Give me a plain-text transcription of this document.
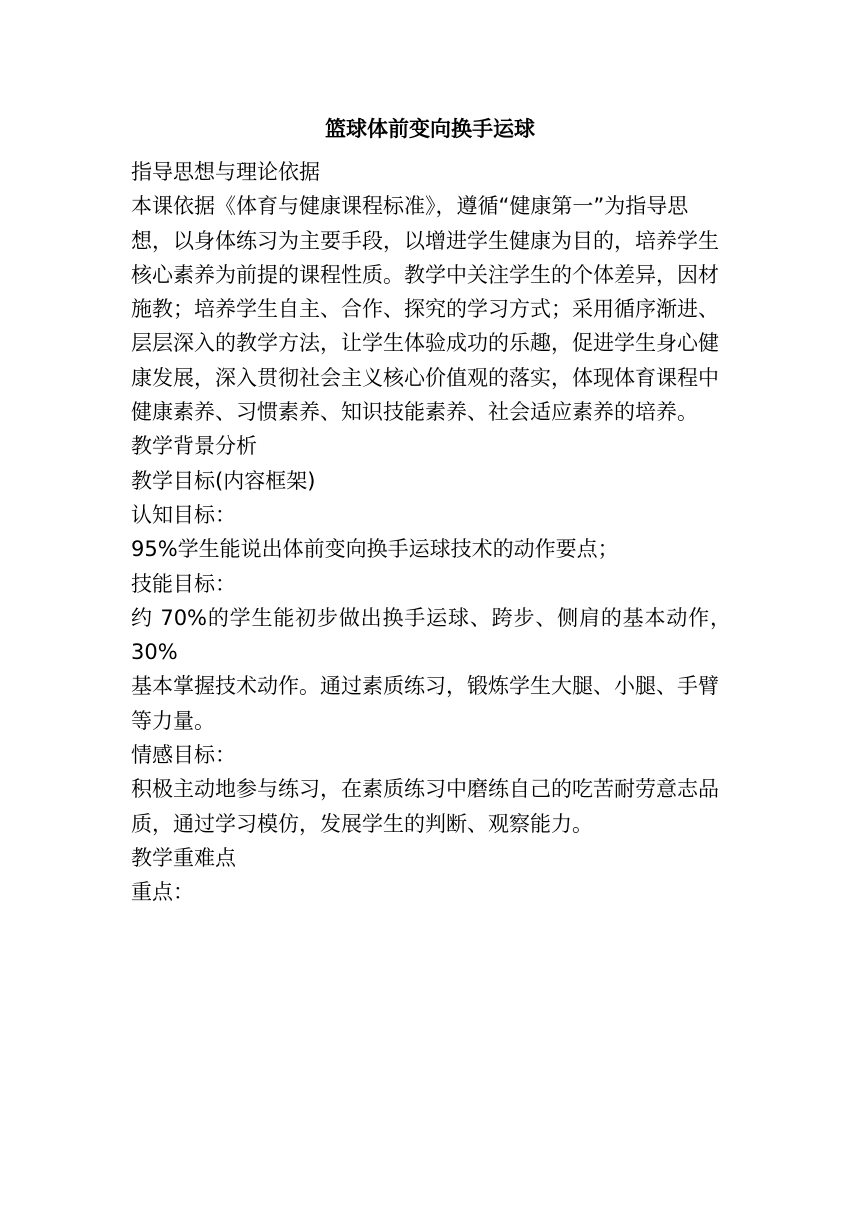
篮球体前变向换手运球

指导思想与理论依据

本课依据《体育与健康课程标准》，遵循“健康第一”为指导思

想，以身体练习为主要手段，以增进学生健康为目的，培养学生

核心素养为前提的课程性质。教学中关注学生的个体差异，因材

施教；培养学生自主、合作、探究的学习方式；采用循序渐进、

层层深入的教学方法，让学生体验成功的乐趣，促进学生身心健

康发展，深入贯彻社会主义核心价值观的落实，体现体育课程中

健康素养、习惯素养、知识技能素养、社会适应素养的培养。

教学背景分析

教学目标(内容框架)

认知目标：

95%学生能说出体前变向换手运球技术的动作要点；

技能目标：

约 70%的学生能初步做出换手运球、跨步、侧肩的基本动作，30%

基本掌握技术动作。通过素质练习，锻炼学生大腿、小腿、手臂

等力量。

情感目标：

积极主动地参与练习，在素质练习中磨练自己的吃苦耐劳意志品

质，通过学习模仿，发展学生的判断、观察能力。

教学重难点

重点：
